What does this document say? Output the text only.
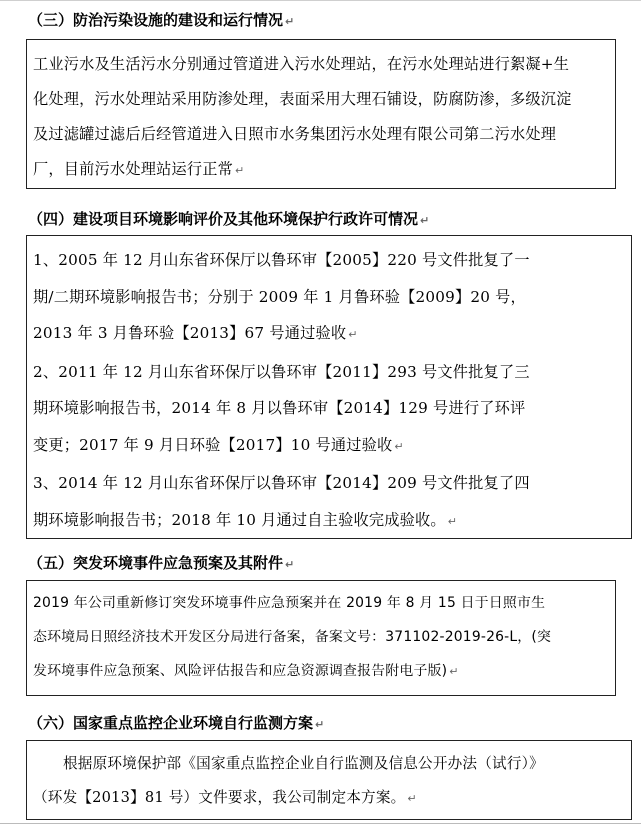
（三）防治污染设施的建设和运行情况 ↵
工业污水及生活污水分别通过管道进入污水处理站，在污水处理站进行絮凝+生
化处理，污水处理站采用防渗处理，表面采用大理石铺设，防腐防渗，多级沉淀
及过滤罐过滤后后经管道进入日照市水务集团污水处理有限公司第二污水处理
厂，目前污水处理站运行正常 ↵
（四）建设项目环境影响评价及其他环境保护行政许可情况 ↵
1、2005 年 12 月山东省环保厅以鲁环审【2005】220 号文件批复了一
期/二期环境影响报告书；分别于 2009 年 1 月鲁环验【2009】20 号，
2013 年 3 月鲁环验【2013】67 号通过验收 ↵
2、2011 年 12 月山东省环保厅以鲁环审【2011】293 号文件批复了三
期环境影响报告书，2014 年 8 月以鲁环审【2014】129 号进行了环评
变更；2017 年 9 月日环验【2017】10 号通过验收 ↵
3、2014 年 12 月山东省环保厅以鲁环审【2014】209 号文件批复了四
期环境影响报告书；2018 年 10 月通过自主验收完成验收。 ↵
（五）突发环境事件应急预案及其附件 ↵
2019 年公司重新修订突发环境事件应急预案并在 2019 年 8 月 15 日于日照市生
态环境局日照经济技术开发区分局进行备案，备案文号：371102-2019-26-L，(突
发环境事件应急预案、风险评估报告和应急资源调查报告附电子版) ↵
（六）国家重点监控企业环境自行监测方案 ↵
根据原环境保护部《国家重点监控企业自行监测及信息公开办法（试行）》
（环发【2013】81 号）文件要求，我公司制定本方案。 ↵
